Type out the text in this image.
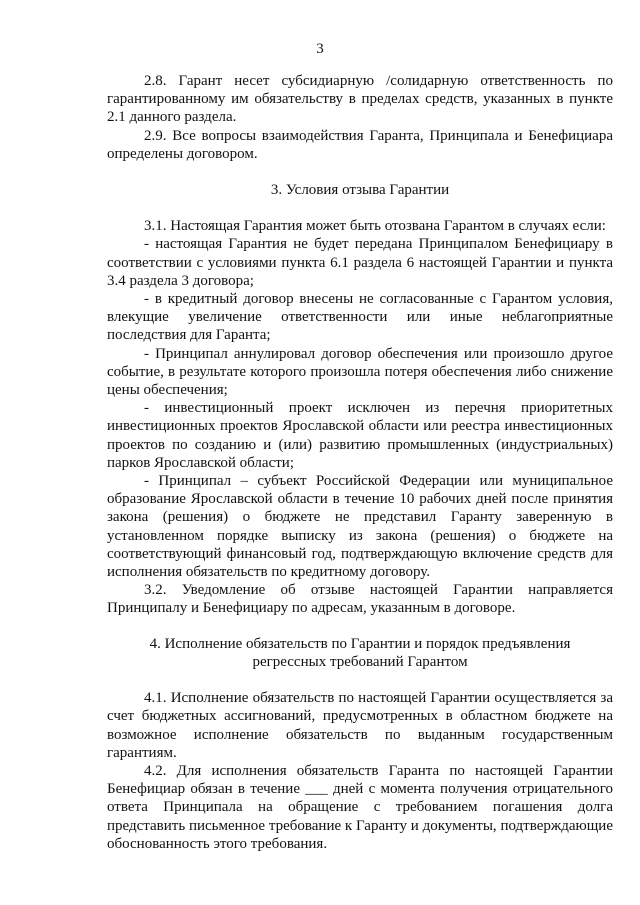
3

2.8. Гарант несет субсидиарную /солидарную ответственность по гарантированному им обязательству в пределах средств, указанных в пункте 2.1 данного раздела.

2.9. Все вопросы взаимодействия Гаранта, Принципала и Бенефициара определены договором.

3. Условия отзыва Гарантии

3.1. Настоящая Гарантия может быть отозвана Гарантом в случаях если:

- настоящая Гарантия не будет передана Принципалом Бенефициару в соответствии с условиями пункта 6.1 раздела 6 настоящей Гарантии и пункта 3.4 раздела 3 договора;

- в кредитный договор внесены не согласованные с Гарантом условия, влекущие увеличение ответственности или иные неблагоприятные последствия для Гаранта;

- Принципал аннулировал договор обеспечения или произошло другое событие, в результате которого произошла потеря обеспечения либо снижение цены обеспечения;

- инвестиционный проект исключен из перечня приоритетных инвестиционных проектов Ярославской области или реестра инвестиционных проектов по созданию и (или) развитию промышленных (индустриальных) парков Ярославской области;

- Принципал – субъект Российской Федерации или муниципальное образование Ярославской области в течение 10 рабочих дней после принятия закона (решения) о бюджете не представил Гаранту заверенную в установленном порядке выписку из закона (решения) о бюджете на соответствующий финансовый год, подтверждающую включение средств для исполнения обязательств по кредитному договору.

3.2. Уведомление об отзыве настоящей Гарантии направляется Принципалу и Бенефициару по адресам, указанным в договоре.

4. Исполнение обязательств по Гарантии и порядок предъявления

регрессных требований Гарантом

4.1. Исполнение обязательств по настоящей Гарантии осуществляется за счет бюджетных ассигнований, предусмотренных в областном бюджете на возможное исполнение обязательств по выданным государственным гарантиям.

4.2. Для исполнения обязательств Гаранта по настоящей Гарантии Бенефициар обязан в течение ___ дней с момента получения отрицательного ответа Принципала на обращение с требованием погашения долга представить письменное требование к Гаранту и документы, подтверждающие обоснованность этого требования.
